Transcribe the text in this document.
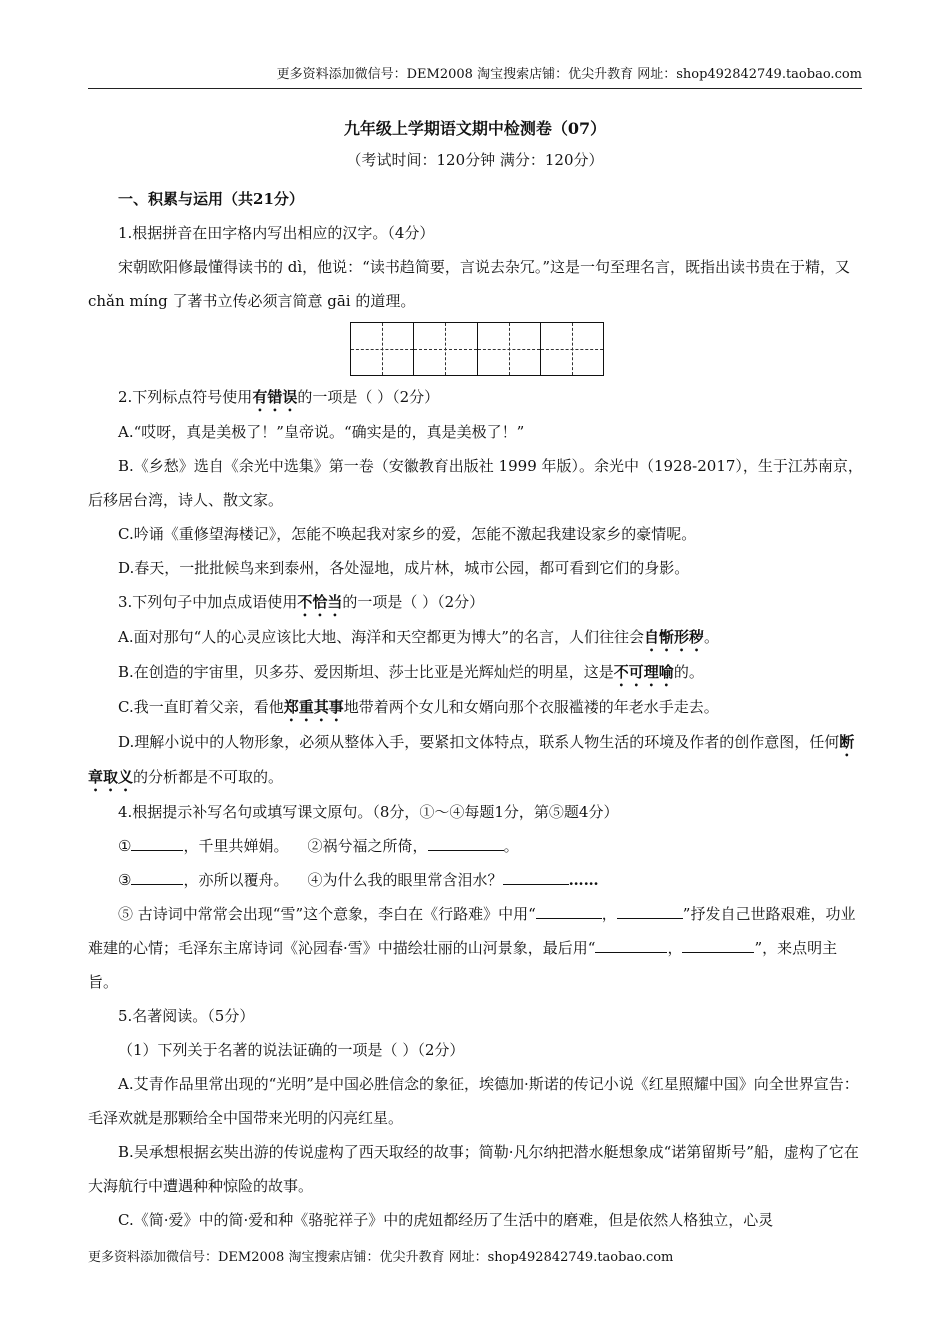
更多资料添加微信号：DEM2008 淘宝搜索店铺：优尖升教育 网址：shop492842749.taobao.com
九年级上学期语文期中检测卷（07）
（考试时间：120分钟 满分：120分）

一、积累与运用（共21分）

1.根据拼音在田字格内写出相应的汉字。（4分）

宋朝欧阳修最懂得读书的 dì，他说：“读书趋简要，言说去杂冗。”这是一句至理名言，既指出读书贵在于精，又 chǎn míng 了著书立传必须言简意 gāi 的道理。

2.下列标点符号使用有错误的一项是（ ）（2分）

A.“哎呀，真是美极了！”皇帝说。“确实是的，真是美极了！”

B.《乡愁》选自《余光中选集》第一卷（安徽教育出版社 1999 年版）。余光中（1928-2017），生于江苏南京，后移居台湾，诗人、散文家。

C.吟诵《重修望海楼记》，怎能不唤起我对家乡的爱，怎能不激起我建设家乡的豪情呢。

D.春天，一批批候鸟来到泰州，各处湿地，成片林，城市公园，都可看到它们的身影。

3.下列句子中加点成语使用不恰当的一项是（ ）（2分）

A.面对那句“人的心灵应该比大地、海洋和天空都更为博大”的名言，人们往往会自惭形秽。

B.在创造的宇宙里，贝多芬、爱因斯坦、莎士比亚是光辉灿烂的明星，这是不可理喻的。

C.我一直盯着父亲，看他郑重其事地带着两个女儿和女婿向那个衣服褴褛的年老水手走去。

D.理解小说中的人物形象，必须从整体入手，要紧扣文体特点，联系人物生活的环境及作者的创作意图，任何断章取义的分析都是不可取的。

4.根据提示补写名句或填写课文原句。（8分，①～④每题1分，第⑤题4分）

①	，千里共婵娟。 ②祸兮福之所倚，	。

③	，亦所以覆舟。 ④为什么我的眼里常含泪水？	……

⑤ 古诗词中常常会出现“雪”这个意象，李白在《行路难》中用“	，	”抒发自己世路艰难，功业难建的心情；毛泽东主席诗词《沁园春·雪》中描绘壮丽的山河景象，最后用“	，	”，来点明主旨。

5.名著阅读。（5分）

（1）下列关于名著的说法证确的一项是（ ）（2分）

A.艾青作品里常出现的“光明”是中国必胜信念的象征，埃德加·斯诺的传记小说《红星照耀中国》向全世界宣告：毛泽欢就是那颗给全中国带来光明的闪亮红星。

B.吴承想根据玄奘出游的传说虚构了西天取经的故事；简勒·凡尔纳把潜水艇想象成“诺第留斯号”船，虚构了它在大海航行中遭遇种种惊险的故事。

C.《简·爱》中的简·爱和种《骆驼祥子》中的虎妞都经历了生活中的磨难，但是依然人格独立，心灵

更多资料添加微信号：DEM2008 淘宝搜索店铺：优尖升教育 网址：shop492842749.taobao.com
